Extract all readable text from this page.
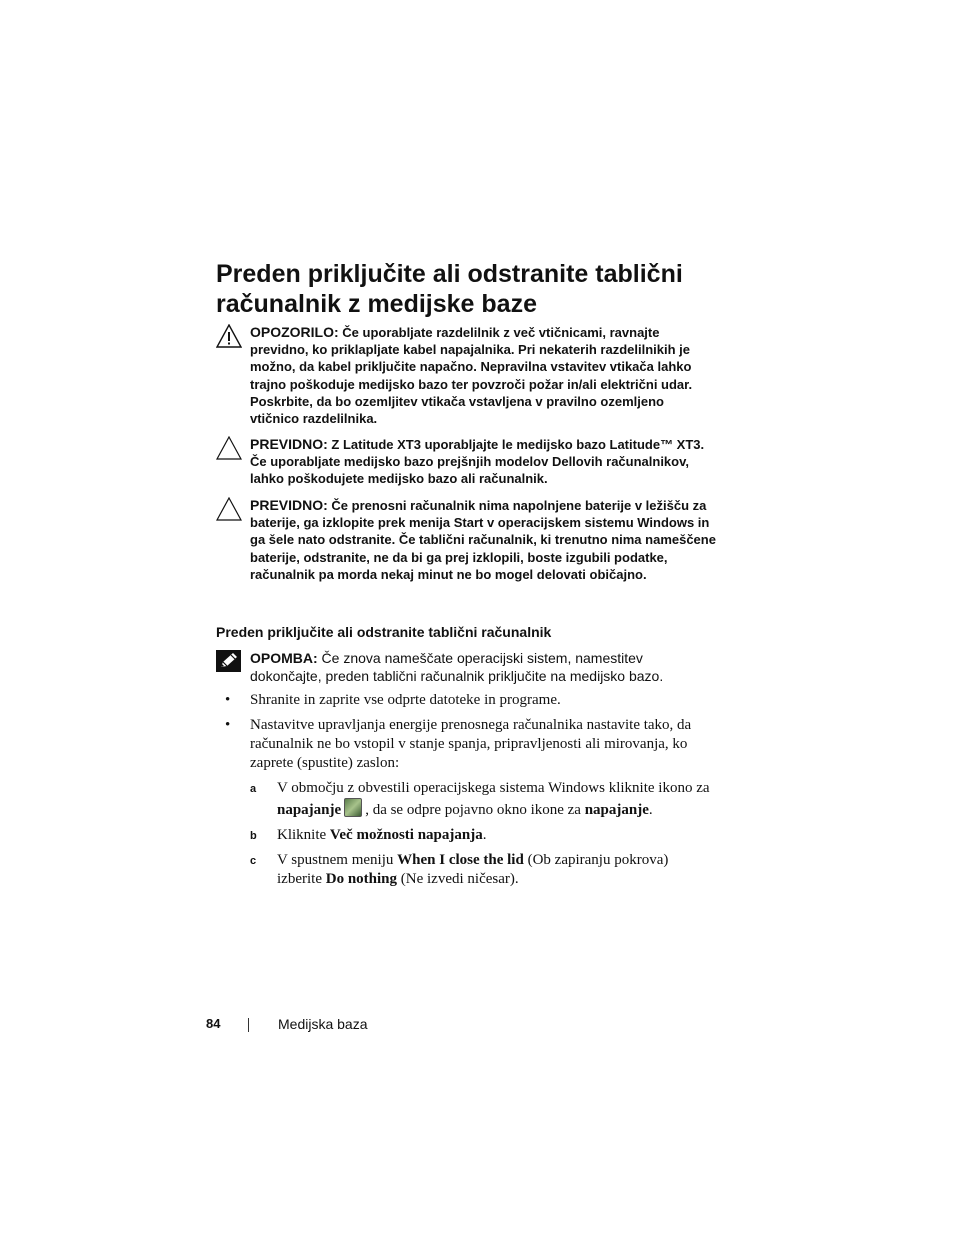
Preden priključite ali odstranite tablični računalnik z medijske baze
OPOZORILO: Če uporabljate razdelilnik z več vtičnicami, ravnajte previdno, ko priklapljate kabel napajalnika. Pri nekaterih razdelilnikih je možno, da kabel priključite napačno. Nepravilna vstavitev vtikača lahko trajno poškoduje medijsko bazo ter povzroči požar in/ali električni udar. Poskrbite, da bo ozemljitev vtikača vstavljena v pravilno ozemljeno vtičnico razdelilnika.
PREVIDNO: Z Latitude XT3 uporabljajte le medijsko bazo Latitude™ XT3. Če uporabljate medijsko bazo prejšnjih modelov Dellovih računalnikov, lahko poškodujete medijsko bazo ali računalnik.
PREVIDNO: Če prenosni računalnik nima napolnjene baterije v ležišču za baterije, ga izklopite prek menija Start v operacijskem sistemu Windows in ga šele nato odstranite. Če tablični računalnik, ki trenutno nima nameščene baterije, odstranite, ne da bi ga prej izklopili, boste izgubili podatke, računalnik pa morda nekaj minut ne bo mogel delovati običajno.
Preden priključite ali odstranite tablični računalnik
OPOMBA: Če znova nameščate operacijski sistem, namestitev dokončajte, preden tablični računalnik priključite na medijsko bazo.
• Shranite in zaprite vse odprte datoteke in programe.
• Nastavitve upravljanja energije prenosnega računalnika nastavite tako, da računalnik ne bo vstopil v stanje spanja, pripravljenosti ali mirovanja, ko zaprete (spustite) zaslon:
a V območju z obvestili operacijskega sistema Windows kliknite ikono za napajanje , da se odpre pojavno okno ikone za napajanje.
b Kliknite Več možnosti napajanja.
c V spustnem meniju When I close the lid (Ob zapiranju pokrova) izberite Do nothing (Ne izvedi ničesar).
84	Medijska baza
